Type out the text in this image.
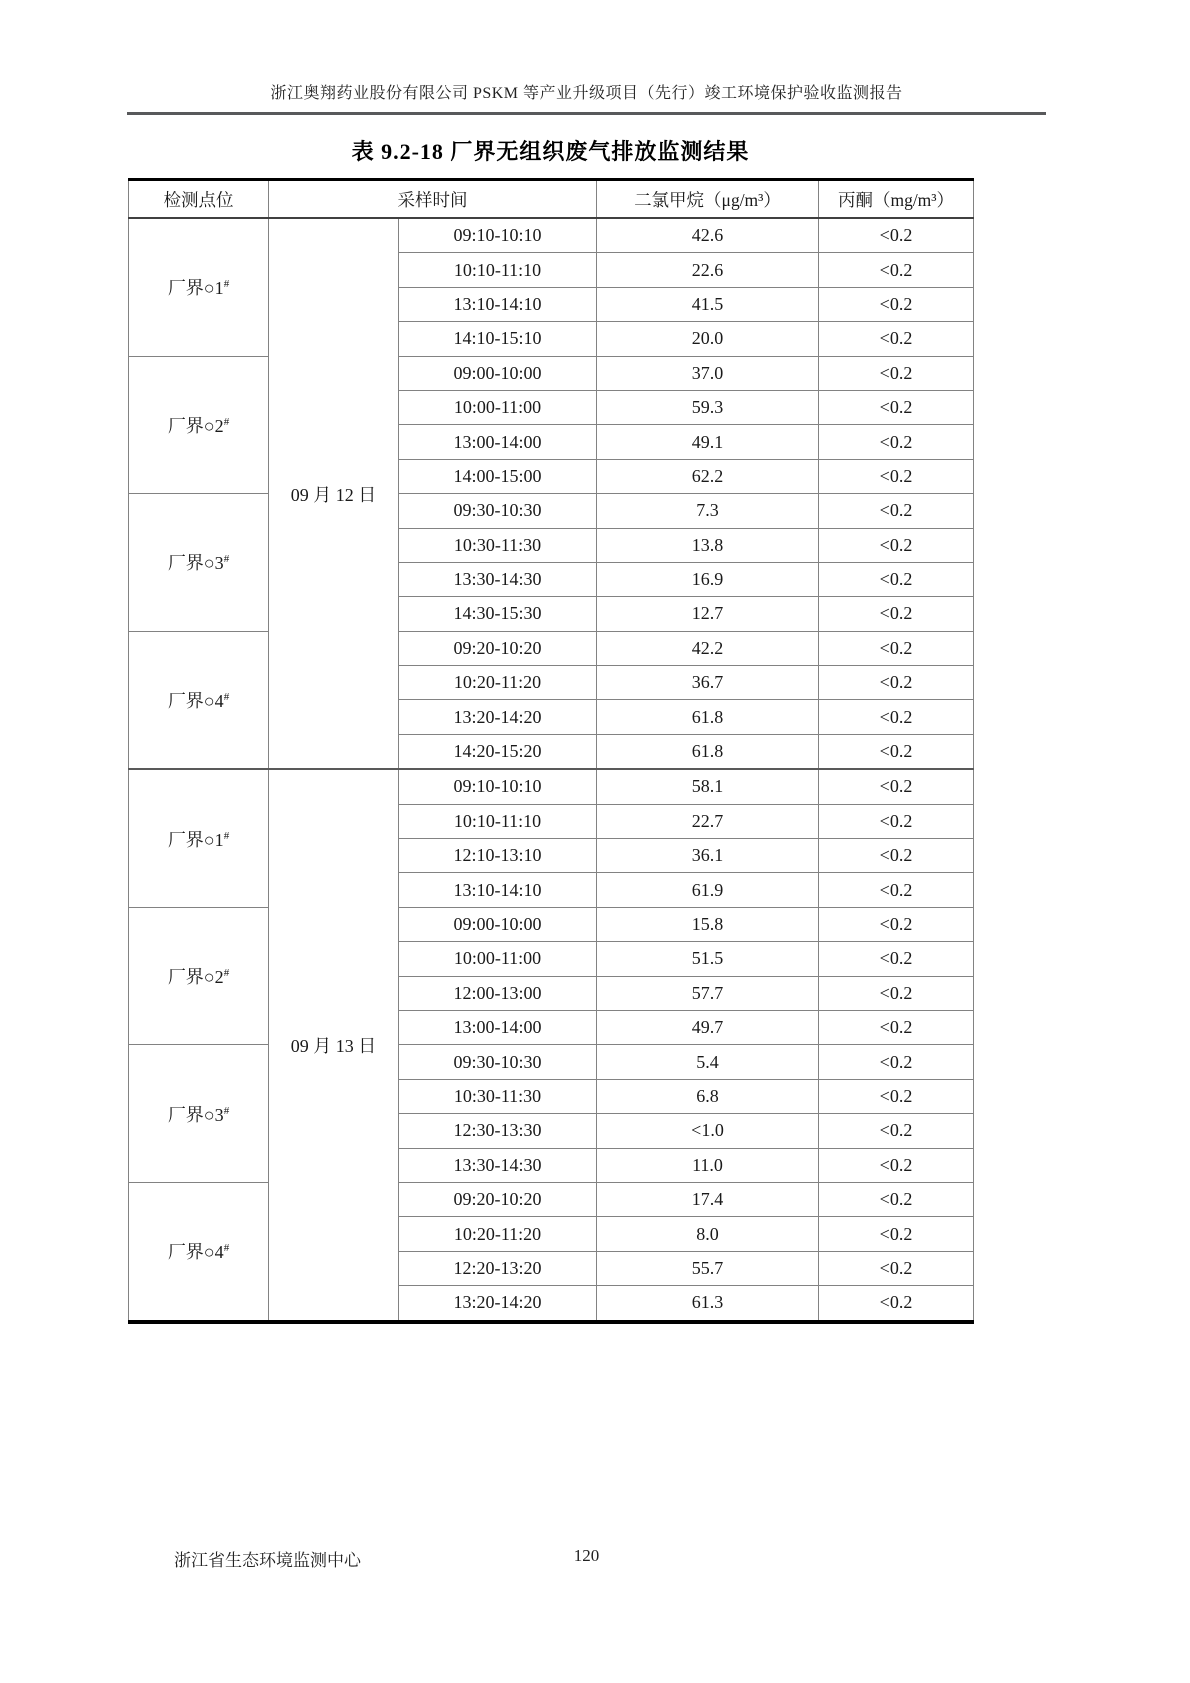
浙江奥翔药业股份有限公司 PSKM 等产业升级项目（先行）竣工环境保护验收监测报告
表 9.2-18 厂界无组织废气排放监测结果
检测点位	采样时间		二氯甲烷（μg/m³）	丙酮（mg/m³）
厂界○1#	09 月 12 日	09:10-10:10	42.6	<0.2
		10:10-11:10	22.6	<0.2
		13:10-14:10	41.5	<0.2
		14:10-15:10	20.0	<0.2
厂界○2#		09:00-10:00	37.0	<0.2
		10:00-11:00	59.3	<0.2
		13:00-14:00	49.1	<0.2
		14:00-15:00	62.2	<0.2
厂界○3#		09:30-10:30	7.3	<0.2
		10:30-11:30	13.8	<0.2
		13:30-14:30	16.9	<0.2
		14:30-15:30	12.7	<0.2
厂界○4#		09:20-10:20	42.2	<0.2
		10:20-11:20	36.7	<0.2
		13:20-14:20	61.8	<0.2
		14:20-15:20	61.8	<0.2
厂界○1#	09 月 13 日	09:10-10:10	58.1	<0.2
		10:10-11:10	22.7	<0.2
		12:10-13:10	36.1	<0.2
		13:10-14:10	61.9	<0.2
厂界○2#		09:00-10:00	15.8	<0.2
		10:00-11:00	51.5	<0.2
		12:00-13:00	57.7	<0.2
		13:00-14:00	49.7	<0.2
厂界○3#		09:30-10:30	5.4	<0.2
		10:30-11:30	6.8	<0.2
		12:30-13:30	<1.0	<0.2
		13:30-14:30	11.0	<0.2
厂界○4#		09:20-10:20	17.4	<0.2
		10:20-11:20	8.0	<0.2
		12:20-13:20	55.7	<0.2
		13:20-14:20	61.3	<0.2
浙江省生态环境监测中心	120
